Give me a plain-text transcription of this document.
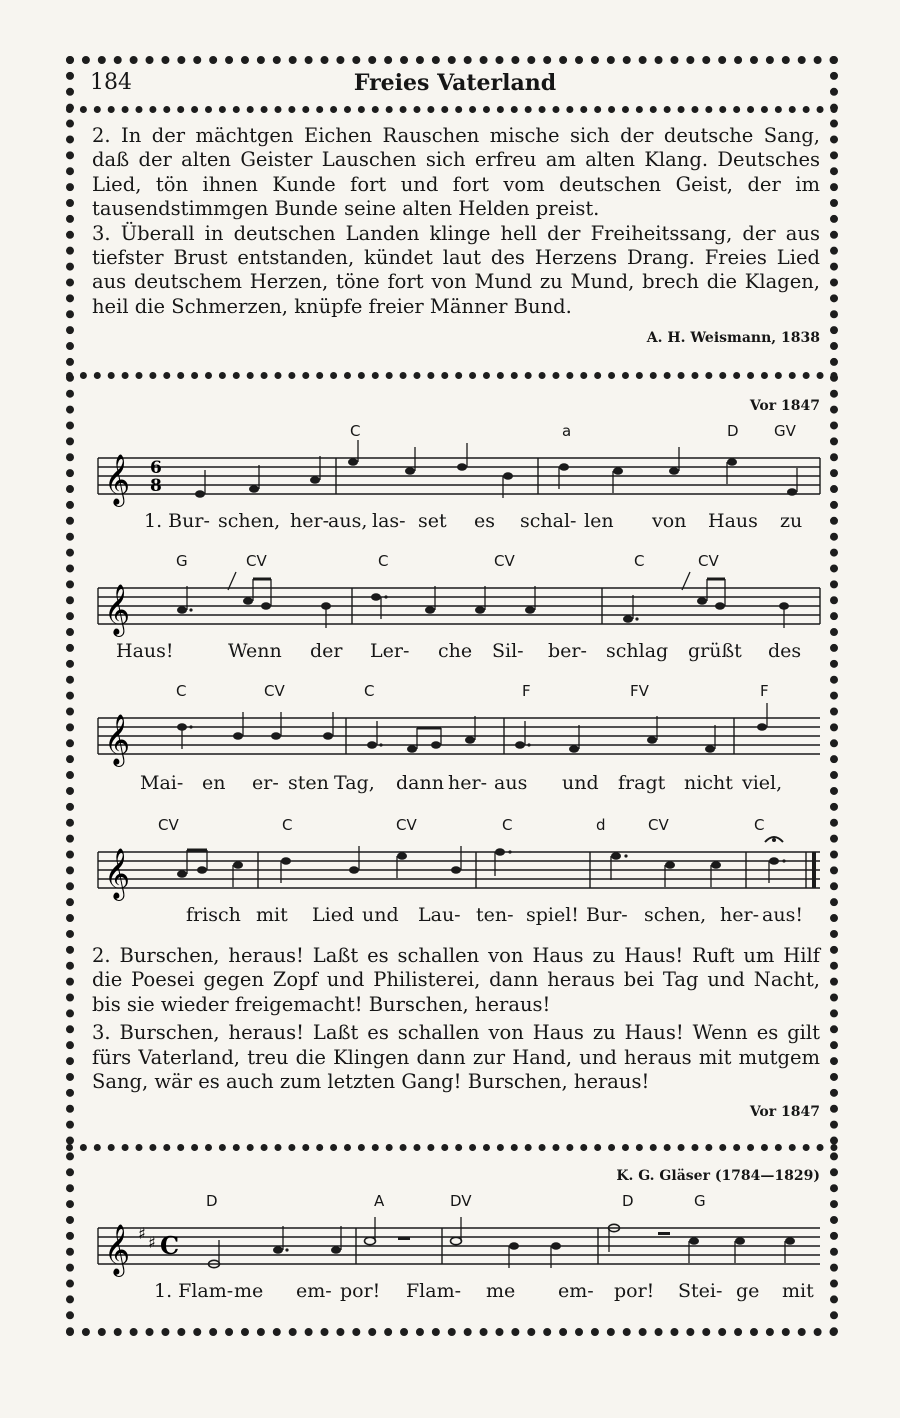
184	Freies Vaterland

2. In der mächtgen Eichen Rauschen mische sich der deutsche Sang, daß der alten Geister Lauschen sich erfreu am alten Klang. Deutsches Lied, tön ihnen Kunde fort und fort vom deutschen Geist, der im tausendstimmgen Bunde seine alten Helden preist.

3. Überall in deutschen Landen klinge hell der Freiheitssang, der aus tiefster Brust entstanden, kündet laut des Herzens Drang. Freies Lied aus deutschem Herzen, töne fort von Mund zu Mund, brech die Klagen, heil die Schmerzen, knüpfe freier Männer Bund.

A. H. Weismann, 1838
Vor 1847
C	a	D GV
𝄞 6
8
1. Bur- schen, her- aus, las- set es schal- len von Haus zu
G	CV	C	CV	C	CV
𝄞
Haus!	Wenn der Ler- che Sil- ber- schlag grüßt des
C	CV	C	F	FV	F
𝄞
Mai- en er- sten Tag, dann her- aus und fragt nicht viel,
CV	C	CV	C	d	CV	C
𝄞
frisch mit Lied und Lau- ten- spiel! Bur- schen, her- aus!

2. Burschen, heraus! Laßt es schallen von Haus zu Haus! Ruft um Hilf die Poesei gegen Zopf und Philisterei, dann heraus bei Tag und Nacht, bis sie wieder freigemacht! Burschen, heraus!

3. Burschen, heraus! Laßt es schallen von Haus zu Haus! Wenn es gilt fürs Vaterland, treu die Klingen dann zur Hand, und heraus mit mutgem Sang, wär es auch zum letzten Gang! Burschen, heraus!

Vor 1847
K. G. Gläser (1784—1829)
D	A	DV	D	G
𝄞 ♯ ♯ C
1. Flam- me em- por! Flam- me em- por! Stei- ge mit
